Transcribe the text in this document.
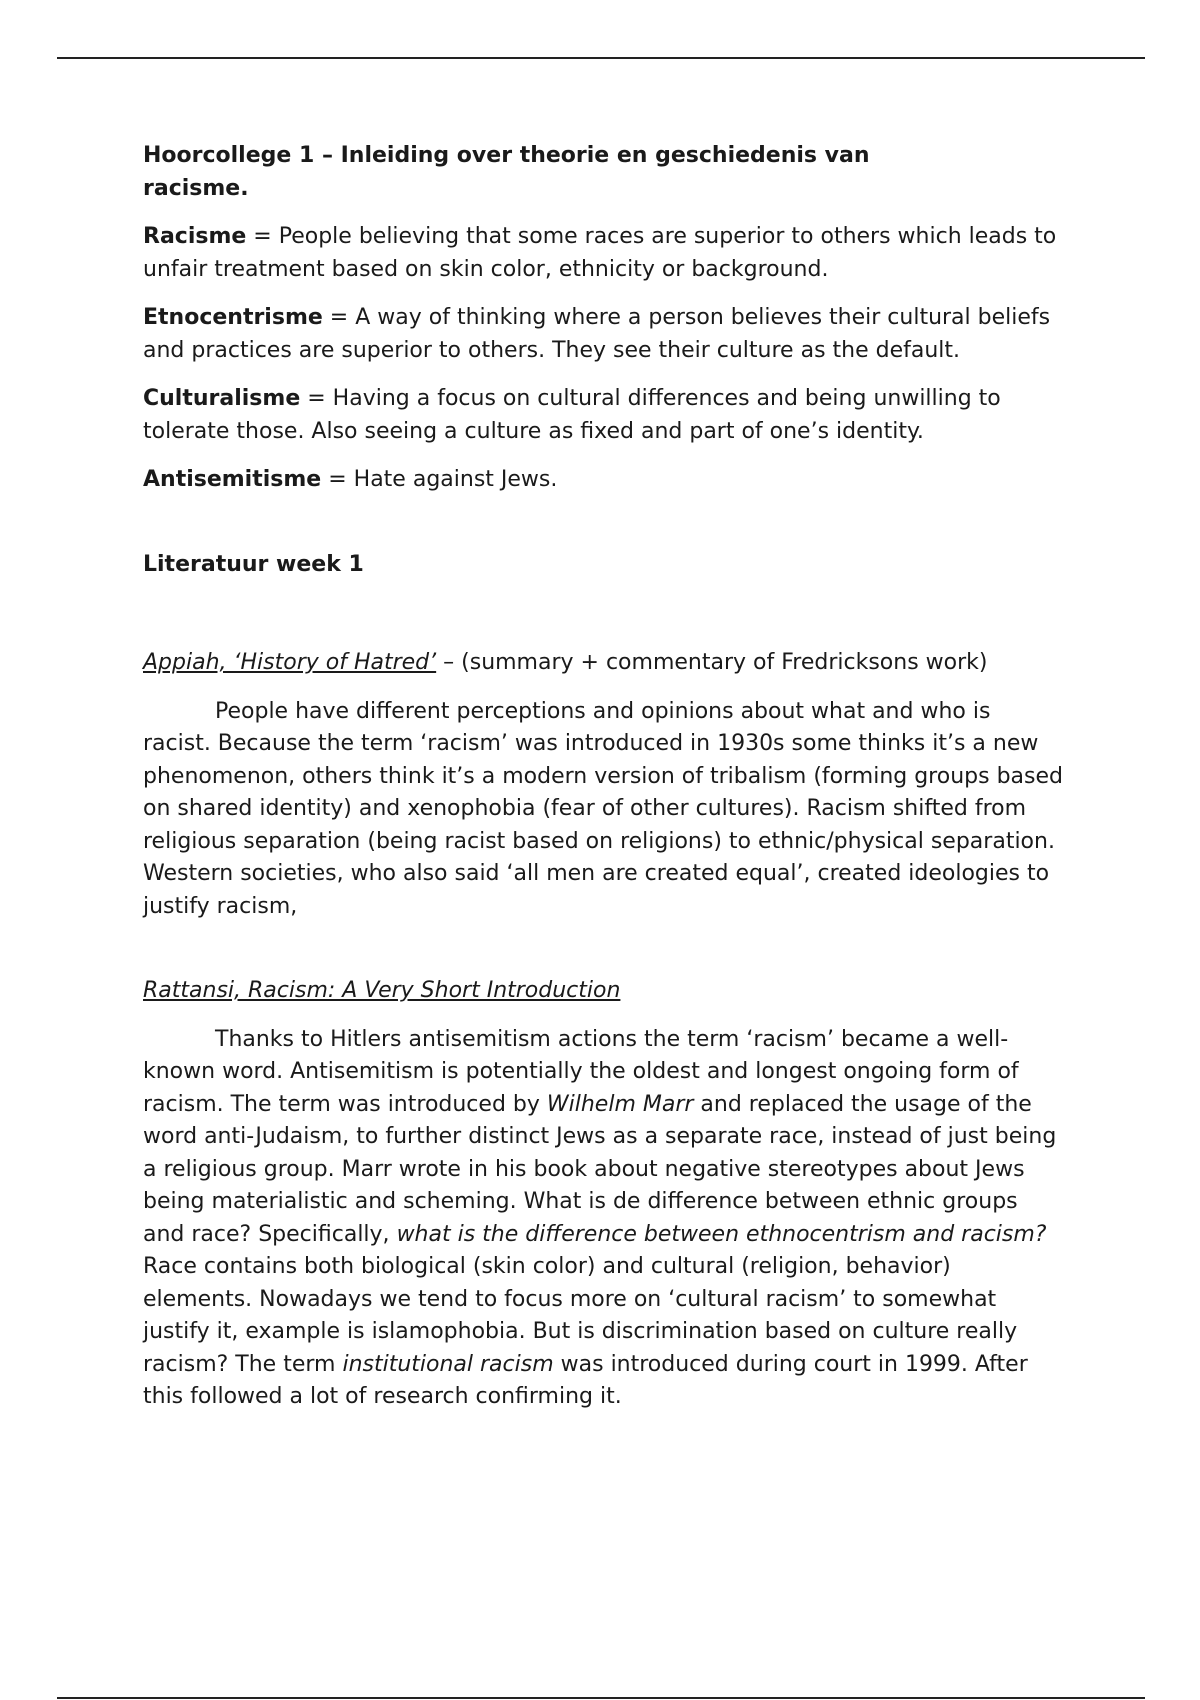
Hoorcollege 1 – Inleiding over theorie en geschiedenis van
racisme.

Racisme = People believing that some races are superior to others which leads to unfair treatment based on skin color, ethnicity or background.

Etnocentrisme = A way of thinking where a person believes their cultural beliefs and practices are superior to others. They see their culture as the default.

Culturalisme = Having a focus on cultural differences and being unwilling to tolerate those. Also seeing a culture as fixed and part of one’s identity.

Antisemitisme = Hate against Jews.

Literatuur week 1

Appiah, ‘History of Hatred’ – (summary + commentary of Fredricksons work)

People have different perceptions and opinions about what and who is racist. Because the term ‘racism’ was introduced in 1930s some thinks it’s a new phenomenon, others think it’s a modern version of tribalism (forming groups based on shared identity) and xenophobia (fear of other cultures). Racism shifted from religious separation (being racist based on religions) to ethnic/physical separation. Western societies, who also said ‘all men are created equal’, created ideologies to justify racism,

Rattansi, Racism: A Very Short Introduction

Thanks to Hitlers antisemitism actions the term ‘racism’ became a well-known word. Antisemitism is potentially the oldest and longest ongoing form of racism. The term was introduced by Wilhelm Marr and replaced the usage of the word anti-Judaism, to further distinct Jews as a separate race, instead of just being a religious group. Marr wrote in his book about negative stereotypes about Jews being materialistic and scheming. What is de difference between ethnic groups and race? Specifically, what is the difference between ethnocentrism and racism? Race contains both biological (skin color) and cultural (religion, behavior) elements. Nowadays we tend to focus more on ‘cultural racism’ to somewhat justify it, example is islamophobia. But is discrimination based on culture really racism? The term institutional racism was introduced during court in 1999. After this followed a lot of research confirming it.
